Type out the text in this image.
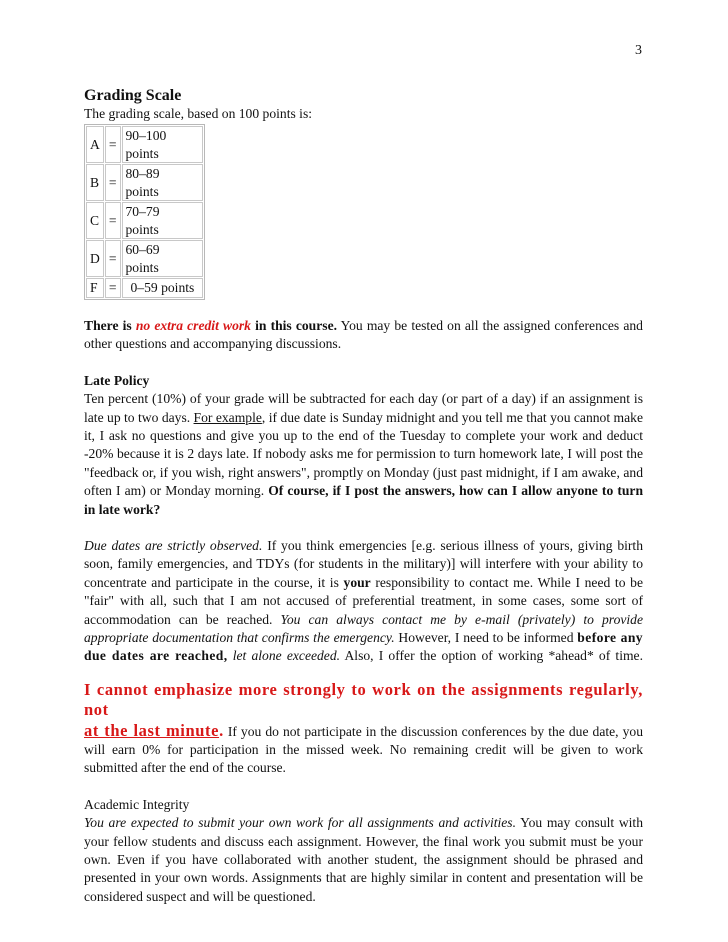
3
Grading Scale

The grading scale, based on 100 points is:

A	=	90–100
points
B	=	80–89
points
C	=	70–79
points
D	=	60–69
points
F	=	0–59 points

There is no extra credit work in this course. You may be tested on all the assigned conferences and other questions and accompanying discussions.

Late Policy

Ten percent (10%) of your grade will be subtracted for each day (or part of a day) if an assignment is late up to two days. For example, if due date is Sunday midnight and you tell me that you cannot make it, I ask no questions and give you up to the end of the Tuesday to complete your work and deduct -20% because it is 2 days late. If nobody asks me for permission to turn homework late, I will post the "feedback or, if you wish, right answers", promptly on Monday (just past midnight, if I am awake, and often I am) or Monday morning. Of course, if I post the answers, how can I allow anyone to turn in late work?

Due dates are strictly observed. If you think emergencies [e.g. serious illness of yours, giving birth soon, family emergencies, and TDYs (for students in the military)] will interfere with your ability to concentrate and participate in the course, it is your responsibility to contact me. While I need to be "fair" with all, such that I am not accused of preferential treatment, in some cases, some sort of accommodation can be reached. You can always contact me by e-mail (privately) to provide appropriate documentation that confirms the emergency. However, I need to be informed before any due dates are reached, let alone exceeded. Also, I offer the option of working *ahead* of time.

I cannot emphasize more strongly to work on the assignments regularly, not

at the last minute. If you do not participate in the discussion conferences by the due date, you will earn 0% for participation in the missed week. No remaining credit will be given to work submitted after the end of the course.

Academic Integrity

You are expected to submit your own work for all assignments and activities. You may consult with your fellow students and discuss each assignment. However, the final work you submit must be your own. Even if you have collaborated with another student, the assignment should be phrased and presented in your own words. Assignments that are highly similar in content and presentation will be considered suspect and will be questioned.
